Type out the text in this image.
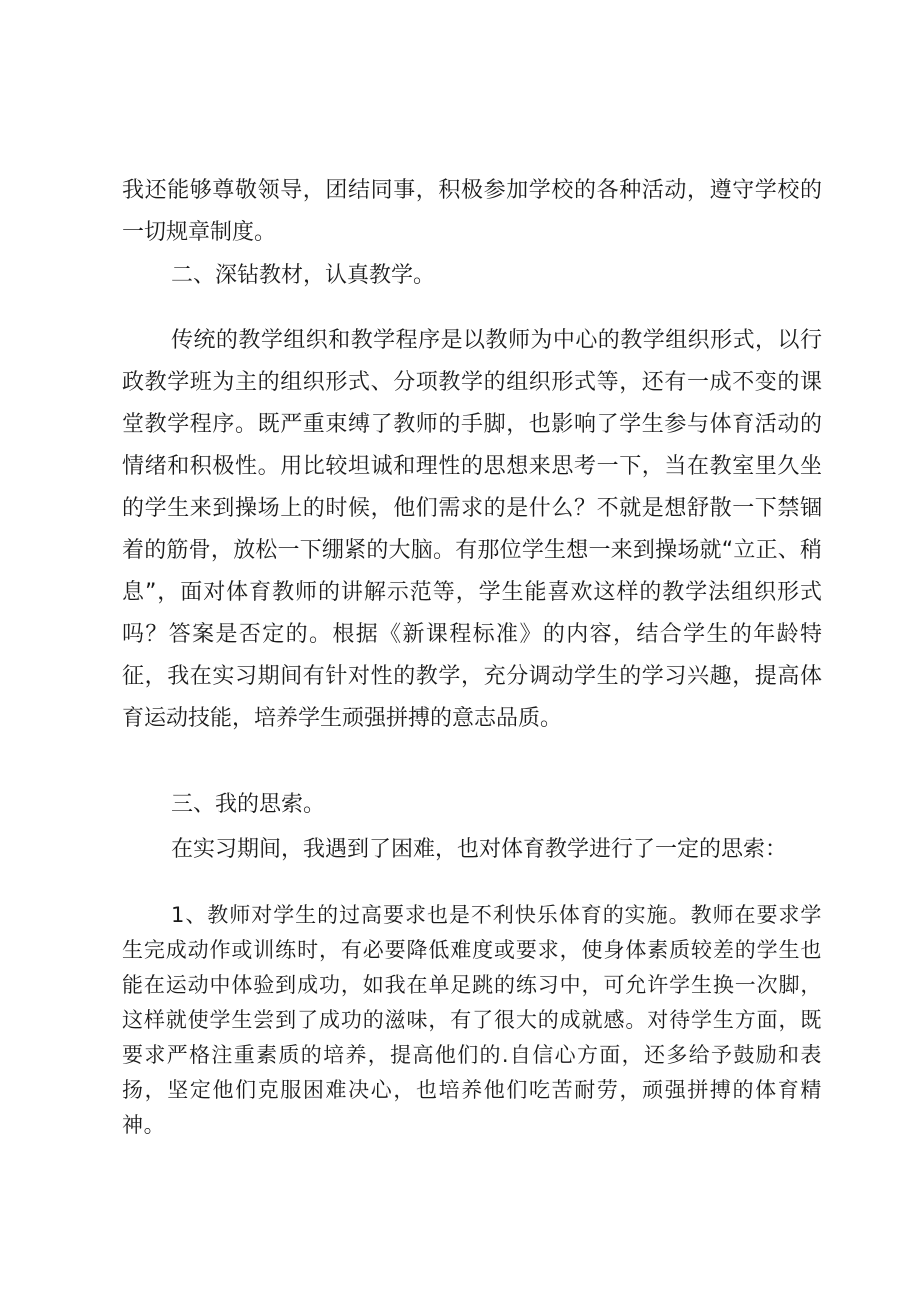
我还能够尊敬领导，团结同事，积极参加学校的各种活动，遵守学校的一切规章制度。

二、深钻教材，认真教学。

传统的教学组织和教学程序是以教师为中心的教学组织形式，以行政教学班为主的组织形式、分项教学的组织形式等，还有一成不变的课堂教学程序。既严重束缚了教师的手脚，也影响了学生参与体育活动的情绪和积极性。用比较坦诚和理性的思想来思考一下，当在教室里久坐的学生来到操场上的时候，他们需求的是什么？不就是想舒散一下禁锢着的筋骨，放松一下绷紧的大脑。有那位学生想一来到操场就“立正、稍息”，面对体育教师的讲解示范等，学生能喜欢这样的教学法组织形式吗？答案是否定的。根据《新课程标准》的内容，结合学生的年龄特征，我在实习期间有针对性的教学，充分调动学生的学习兴趣，提高体育运动技能，培养学生顽强拼搏的意志品质。

三、我的思索。

在实习期间，我遇到了困难，也对体育教学进行了一定的思索：

1、教师对学生的过高要求也是不利快乐体育的实施。教师在要求学生完成动作或训练时，有必要降低难度或要求，使身体素质较差的学生也能在运动中体验到成功，如我在单足跳的练习中，可允许学生换一次脚，这样就使学生尝到了成功的滋味，有了很大的成就感。对待学生方面，既要求严格注重素质的培养，提高他们的.自信心方面，还多给予鼓励和表扬，坚定他们克服困难决心，也培养他们吃苦耐劳，顽强拼搏的体育精神。
